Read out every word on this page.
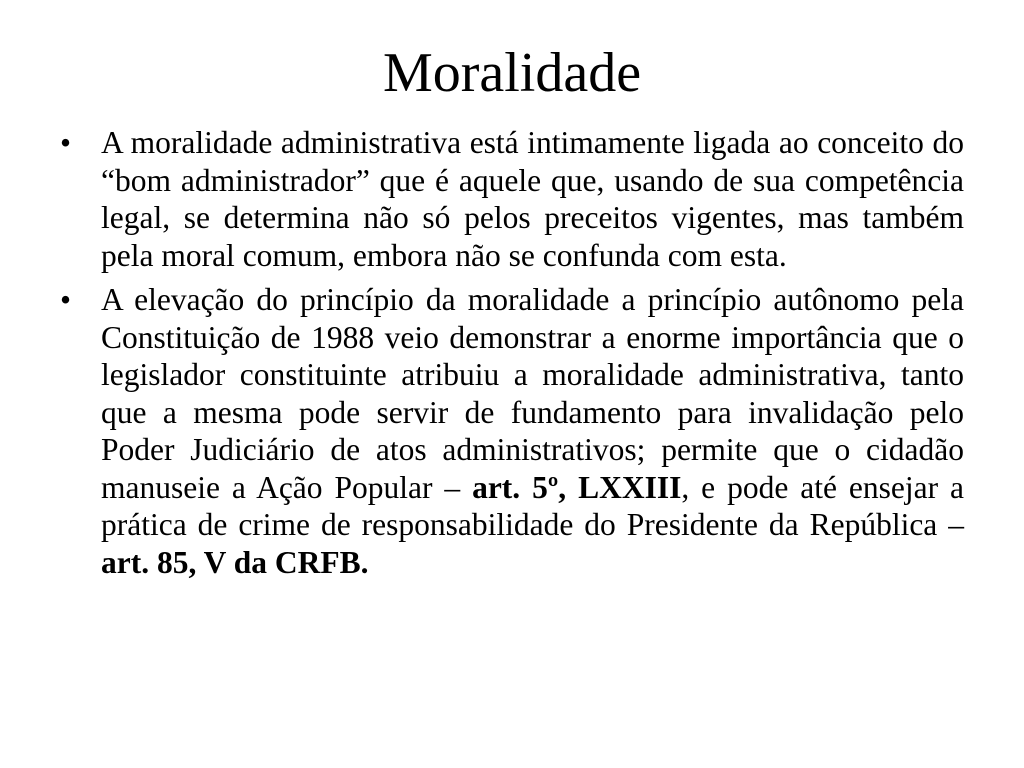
Moralidade
• A moralidade administrativa está intimamente ligada ao conceito do “bom administrador” que é aquele que, usando de sua competência legal, se determina não só pelos preceitos vigentes, mas também pela moral comum, embora não se confunda com esta.
• A elevação do princípio da moralidade a princípio autônomo pela Constituição de 1988 veio demonstrar a enorme importância que o legislador constituinte atribuiu a moralidade administrativa, tanto que a mesma pode servir de fundamento para invalidação pelo Poder Judiciário de atos administrativos; permite que o cidadão manuseie a Ação Popular – art. 5º, LXXIII, e pode até ensejar a prática de crime de responsabilidade do Presidente da República – art. 85, V da CRFB.
